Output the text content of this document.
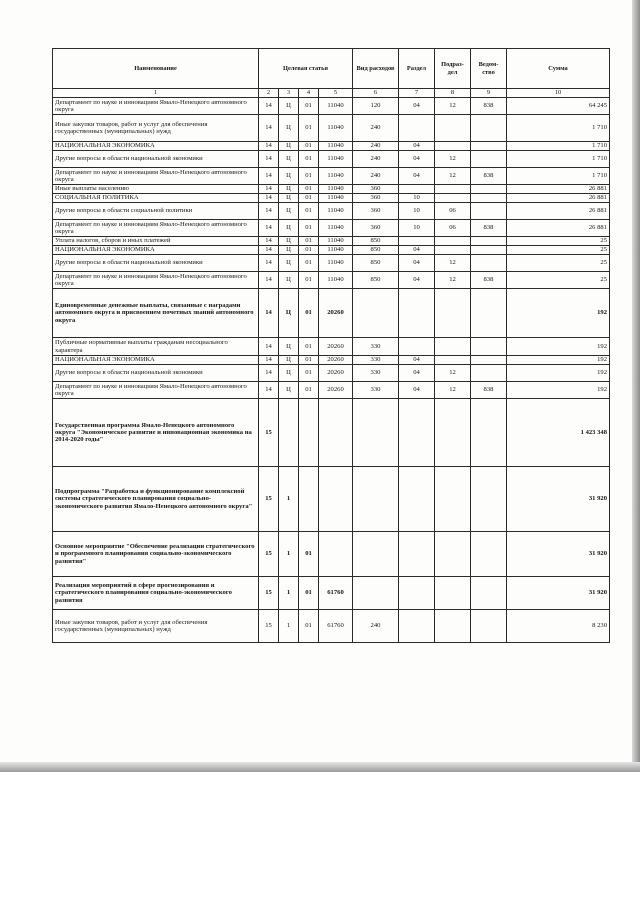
Наименование	Целевая статья				Вид расходов	Раздел	Подраз-дел	Ведом-ство	Сумма
1	2	3	4	5	6	7	8	9	10
Департамент по науке и инновациям Ямало-Ненецкого автономного округа	14	Ц	01	11040	120	04	12	838	64 245
Иные закупки товаров, работ и услуг для обеспечения государственных (муниципальных) нужд	14	Ц	01	11040	240				1 710
НАЦИОНАЛЬНАЯ ЭКОНОМИКА	14	Ц	01	11040	240	04			1 710
Другие вопросы в области национальной экономики	14	Ц	01	11040	240	04	12		1 710
Департамент по науке и инновациям Ямало-Ненецкого автономного округа	14	Ц	01	11040	240	04	12	838	1 710
Иные выплаты населению	14	Ц	01	11040	360				26 881
СОЦИАЛЬНАЯ ПОЛИТИКА	14	Ц	01	11040	360	10			26 881
Другие вопросы в области социальной политики	14	Ц	01	11040	360	10	06		26 881
Департамент по науке и инновациям Ямало-Ненецкого автономного округа	14	Ц	01	11040	360	10	06	838	26 881
Уплата налогов, сборов и иных платежей	14	Ц	01	11040	850				25
НАЦИОНАЛЬНАЯ ЭКОНОМИКА	14	Ц	01	11040	850	04			25
Другие вопросы в области национальной экономики	14	Ц	01	11040	850	04	12		25
Департамент по науке и инновациям Ямало-Ненецкого автономного округа	14	Ц	01	11040	850	04	12	838	25
Единовременные денежные выплаты, связанные с наградами автономного округа и присвоением почетных званий автономного округа	14	Ц	01	20260					192
Публичные нормативные выплаты гражданам несоциального характера	14	Ц	01	20260	330				192
НАЦИОНАЛЬНАЯ ЭКОНОМИКА	14	Ц	01	20260	330	04			192
Другие вопросы в области национальной экономики	14	Ц	01	20260	330	04	12		192
Департамент по науке и инновациям Ямало-Ненецкого автономного округа	14	Ц	01	20260	330	04	12	838	192
Государственная программа Ямало-Ненецкого автономного округа "Экономическое развитие и инновационная экономика на 2014-2020 годы"	15								1 423 348
Подпрограмма "Разработка и функционирование комплексной системы стратегического планирования социально-экономического развития Ямало-Ненецкого автономного округа"	15	1							31 920
Основное мероприятие "Обеспечение реализации стратегического и программного планирования социально-экономического развития"	15	1	01						31 920
Реализация мероприятий в сфере прогнозирования и стратегического планирования социально-экономического развития	15	1	01	61760					31 920
Иные закупки товаров, работ и услуг для обеспечения государственных (муниципальных) нужд	15	1	01	61760	240				8 230
